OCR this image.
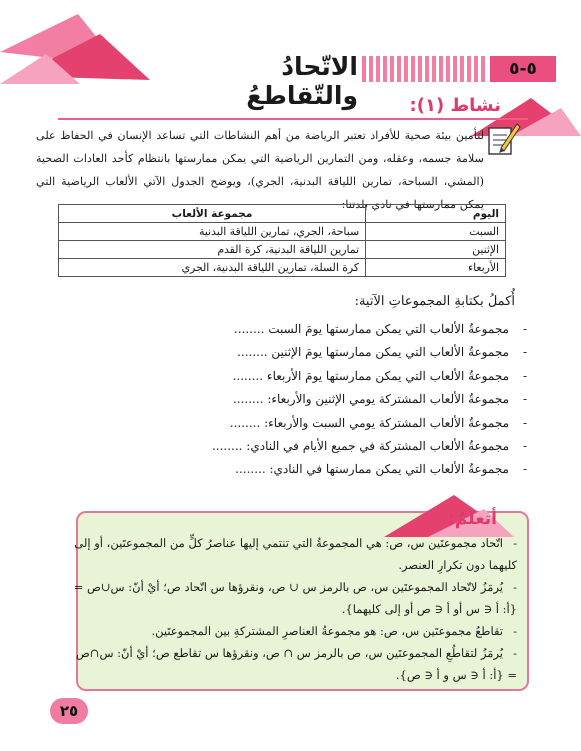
الاتّحادُ والتّقاطعُ
٥-٥
نشاط (١):

لتأمين بيئة صحية للأفراد تعتبر الرياضة من أهم النشاطات التي تساعد الإنسان في الحفاظ على سلامة جسمه، وعقله، ومن التمارين الرياضية التي يمكن ممارستها بانتظام كأحد العادات الصحية (المشي، السباحة، تمارين اللياقة البدنية، الجري)، ويوضح الجدول الآتي الألعاب الرياضية التي يمكن ممارستها في نادي بلدتنا:

اليوم	مجموعة الألعاب
السبت	سباحة، الجري، تمارين اللياقة البدنية
الإثنين	تمارين اللياقة البدنية، كرة القدم
الأربعاء	كرة السلة، تمارين اللياقة البدنية، الجري
أُكملُ بكتابةِ المجموعاتِ الآتية:
-مجموعةُ الألعاب التي يمكن ممارستها يومَ السبت ........
-مجموعةُ الألعاب التي يمكن ممارستها يومَ الإثنين ........
-مجموعةُ الألعاب التي يمكن ممارستها يومَ الأربعاء ........
-مجموعةُ الألعاب المشتركة يومي الإثنين والأربعاء: ........
-مجموعةُ الألعاب المشتركة يومي السبت والأربعاء: ........
-مجموعةُ الألعاب المشتركة في جميع الأيام في النادي: ........
-مجموعةُ الألعاب التي يمكن ممارستها في النادي: ........
أتعلمُ:
-اتّحاد مجموعتَين س، ص: هي المجموعةُ التي تنتمي إليها عناصرُ كلٍّ من المجموعتَين، أو إلى كليهما دون تكرارِ العنصر.
-يُرمَزُ لاتّحاد المجموعتَين س، ص بالرمز س ∪ ص، ونقرؤها س اتّحاد ص؛ أيْ أنّ: س∪ص = {أ: أ ∈ س أو أ ∈ ص أو إلى كليهما}.
-تقاطعُ مجموعتَين س، ص: هو مجموعةُ العناصرِ المشتركةِ بين المجموعتَين.
-يُرمَزُ لتقاطُعِ المجموعتَين س، ص بالرمز س ∩ ص، ونقرؤها س تقاطع ص؛ أيْ أنّ: س∩ص = {أ: أ ∈ س و أ ∈ ص}.
٢٥
